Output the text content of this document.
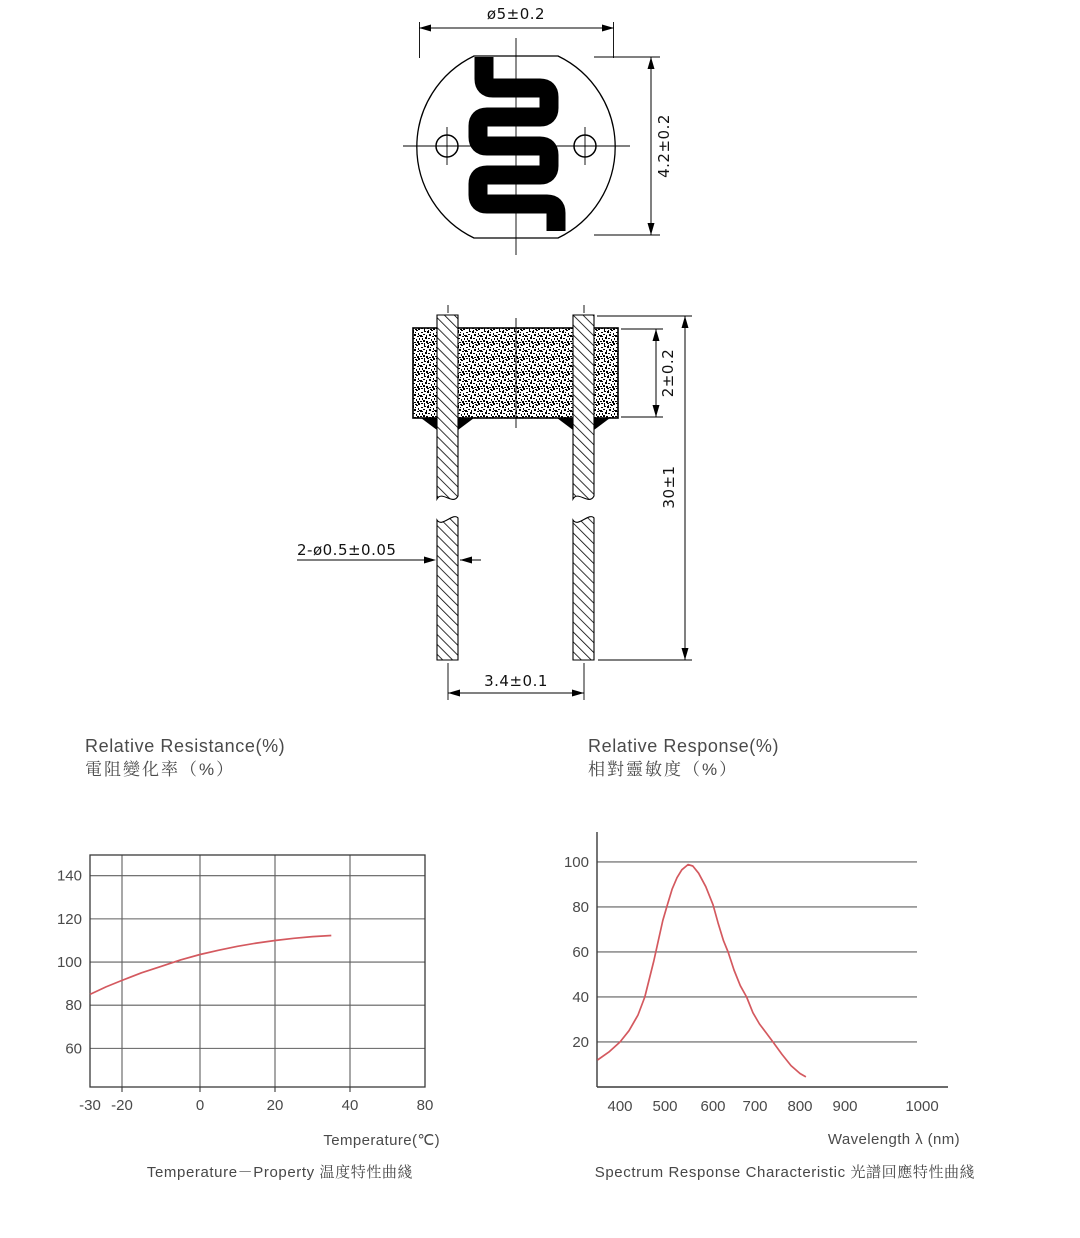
ø5±0.2
4.2±0.2
2±0.2
30±1
2-ø0.5±0.05
3.4±0.1
Relative Resistance(%)
電阻變化率（%）
Relative Response(%)
相對靈敏度（%）
60
80
100
120
140
-30 -20	0	20	40	80
20
40
60
80
100
400 500 600 700 800 900	1000
Temperature(℃)	Wavelength λ (nm)
Temperature－Property 温度特性曲綫	Spectrum Response Characteristic 光譜回應特性曲綫
